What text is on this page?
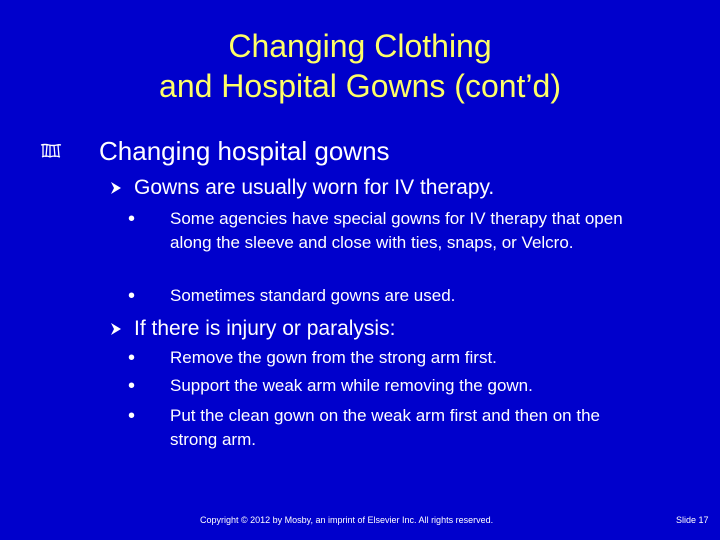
Changing Clothing
and Hospital Gowns (cont’d)
Changing hospital gowns
Gowns are usually worn for IV therapy.
• Some agencies have special gowns for IV therapy that open along the sleeve and close with ties, snaps, or Velcro.
• Sometimes standard gowns are used.
If there is injury or paralysis:
• Remove the gown from the strong arm first.
• Support the weak arm while removing the gown.
• Put the clean gown on the weak arm first and then on the strong arm.
Copyright © 2012 by Mosby, an imprint of Elsevier Inc. All rights reserved.	Slide 17
